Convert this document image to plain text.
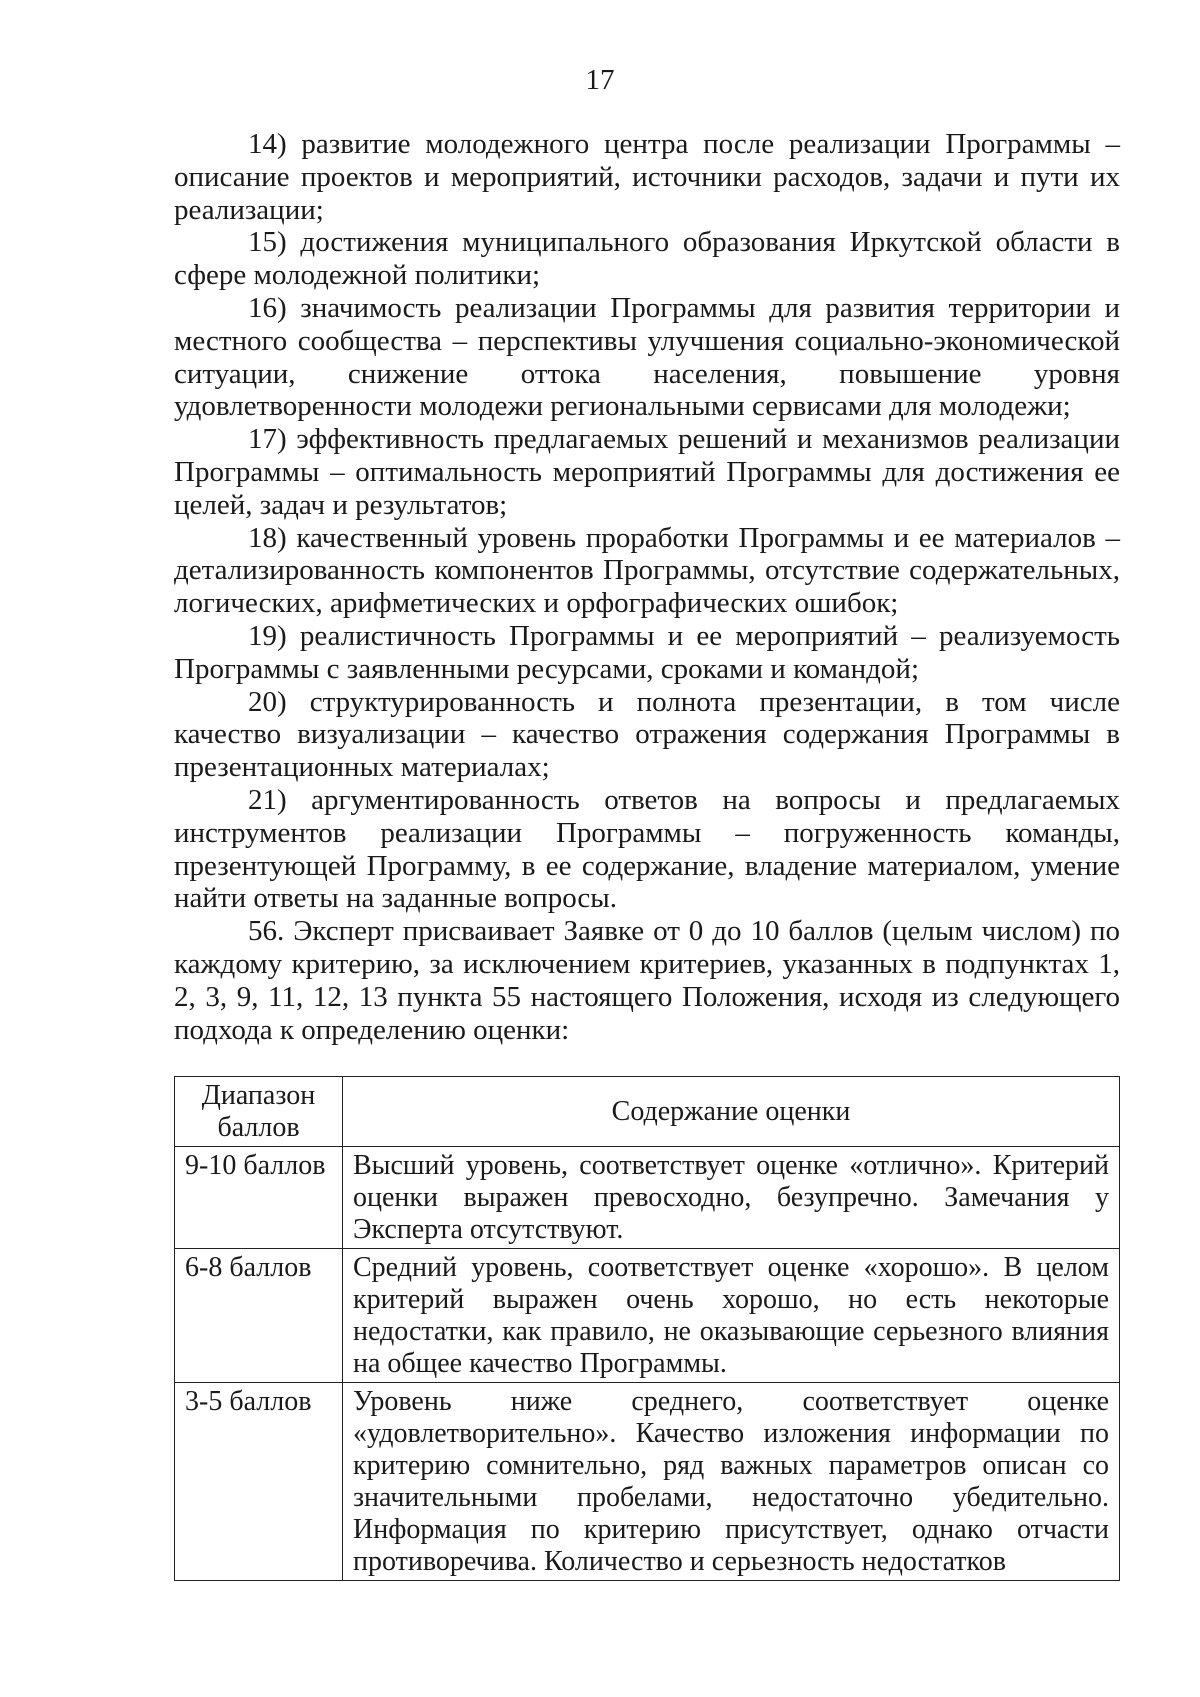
17

14) развитие молодежного центра после реализации Программы – описание проектов и мероприятий, источники расходов, задачи и пути их реализации;

15) достижения муниципального образования Иркутской области в сфере молодежной политики;

16) значимость реализации Программы для развития территории и местного сообщества – перспективы улучшения социально-экономической ситуации, снижение оттока населения, повышение уровня удовлетворенности молодежи региональными сервисами для молодежи;

17) эффективность предлагаемых решений и механизмов реализации Программы – оптимальность мероприятий Программы для достижения ее целей, задач и результатов;

18) качественный уровень проработки Программы и ее материалов – детализированность компонентов Программы, отсутствие содержательных, логических, арифметических и орфографических ошибок;

19) реалистичность Программы и ее мероприятий – реализуемость Программы с заявленными ресурсами, сроками и командой;

20) структурированность и полнота презентации, в том числе качество визуализации – качество отражения содержания Программы в презентационных материалах;

21) аргументированность ответов на вопросы и предлагаемых инструментов реализации Программы – погруженность команды, презентующей Программу, в ее содержание, владение материалом, умение найти ответы на заданные вопросы.

56. Эксперт присваивает Заявке от 0 до 10 баллов (целым числом) по каждому критерию, за исключением критериев, указанных в подпунктах 1, 2, 3, 9, 11, 12, 13 пункта 55 настоящего Положения, исходя из следующего подхода к определению оценки:

Диапазон баллов	Содержание оценки
9-10 баллов	Высший уровень, соответствует оценке «отлично». Критерий оценки выражен превосходно, безупречно. Замечания у Эксперта отсутствуют.
6-8 баллов	Средний уровень, соответствует оценке «хорошо». В целом критерий выражен очень хорошо, но есть некоторые недостатки, как правило, не оказывающие серьезного влияния на общее качество Программы.
3-5 баллов	Уровень ниже среднего, соответствует оценке «удовлетворительно». Качество изложения информации по критерию сомнительно, ряд важных параметров описан со значительными пробелами, недостаточно убедительно. Информация по критерию присутствует, однако отчасти противоречива. Количество и серьезность недостатков
